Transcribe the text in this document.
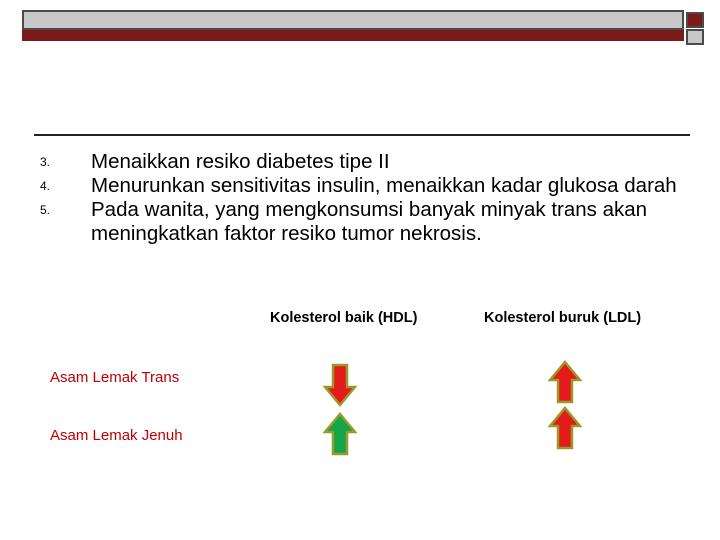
3. Menaikkan resiko diabetes tipe II
4. Menurunkan sensitivitas insulin, menaikkan kadar glukosa darah
5. Pada wanita, yang mengkonsumsi banyak minyak trans akan meningkatkan faktor resiko tumor nekrosis.
Kolesterol baik (HDL)	Kolesterol buruk (LDL)
Asam Lemak Trans
Asam Lemak Jenuh
